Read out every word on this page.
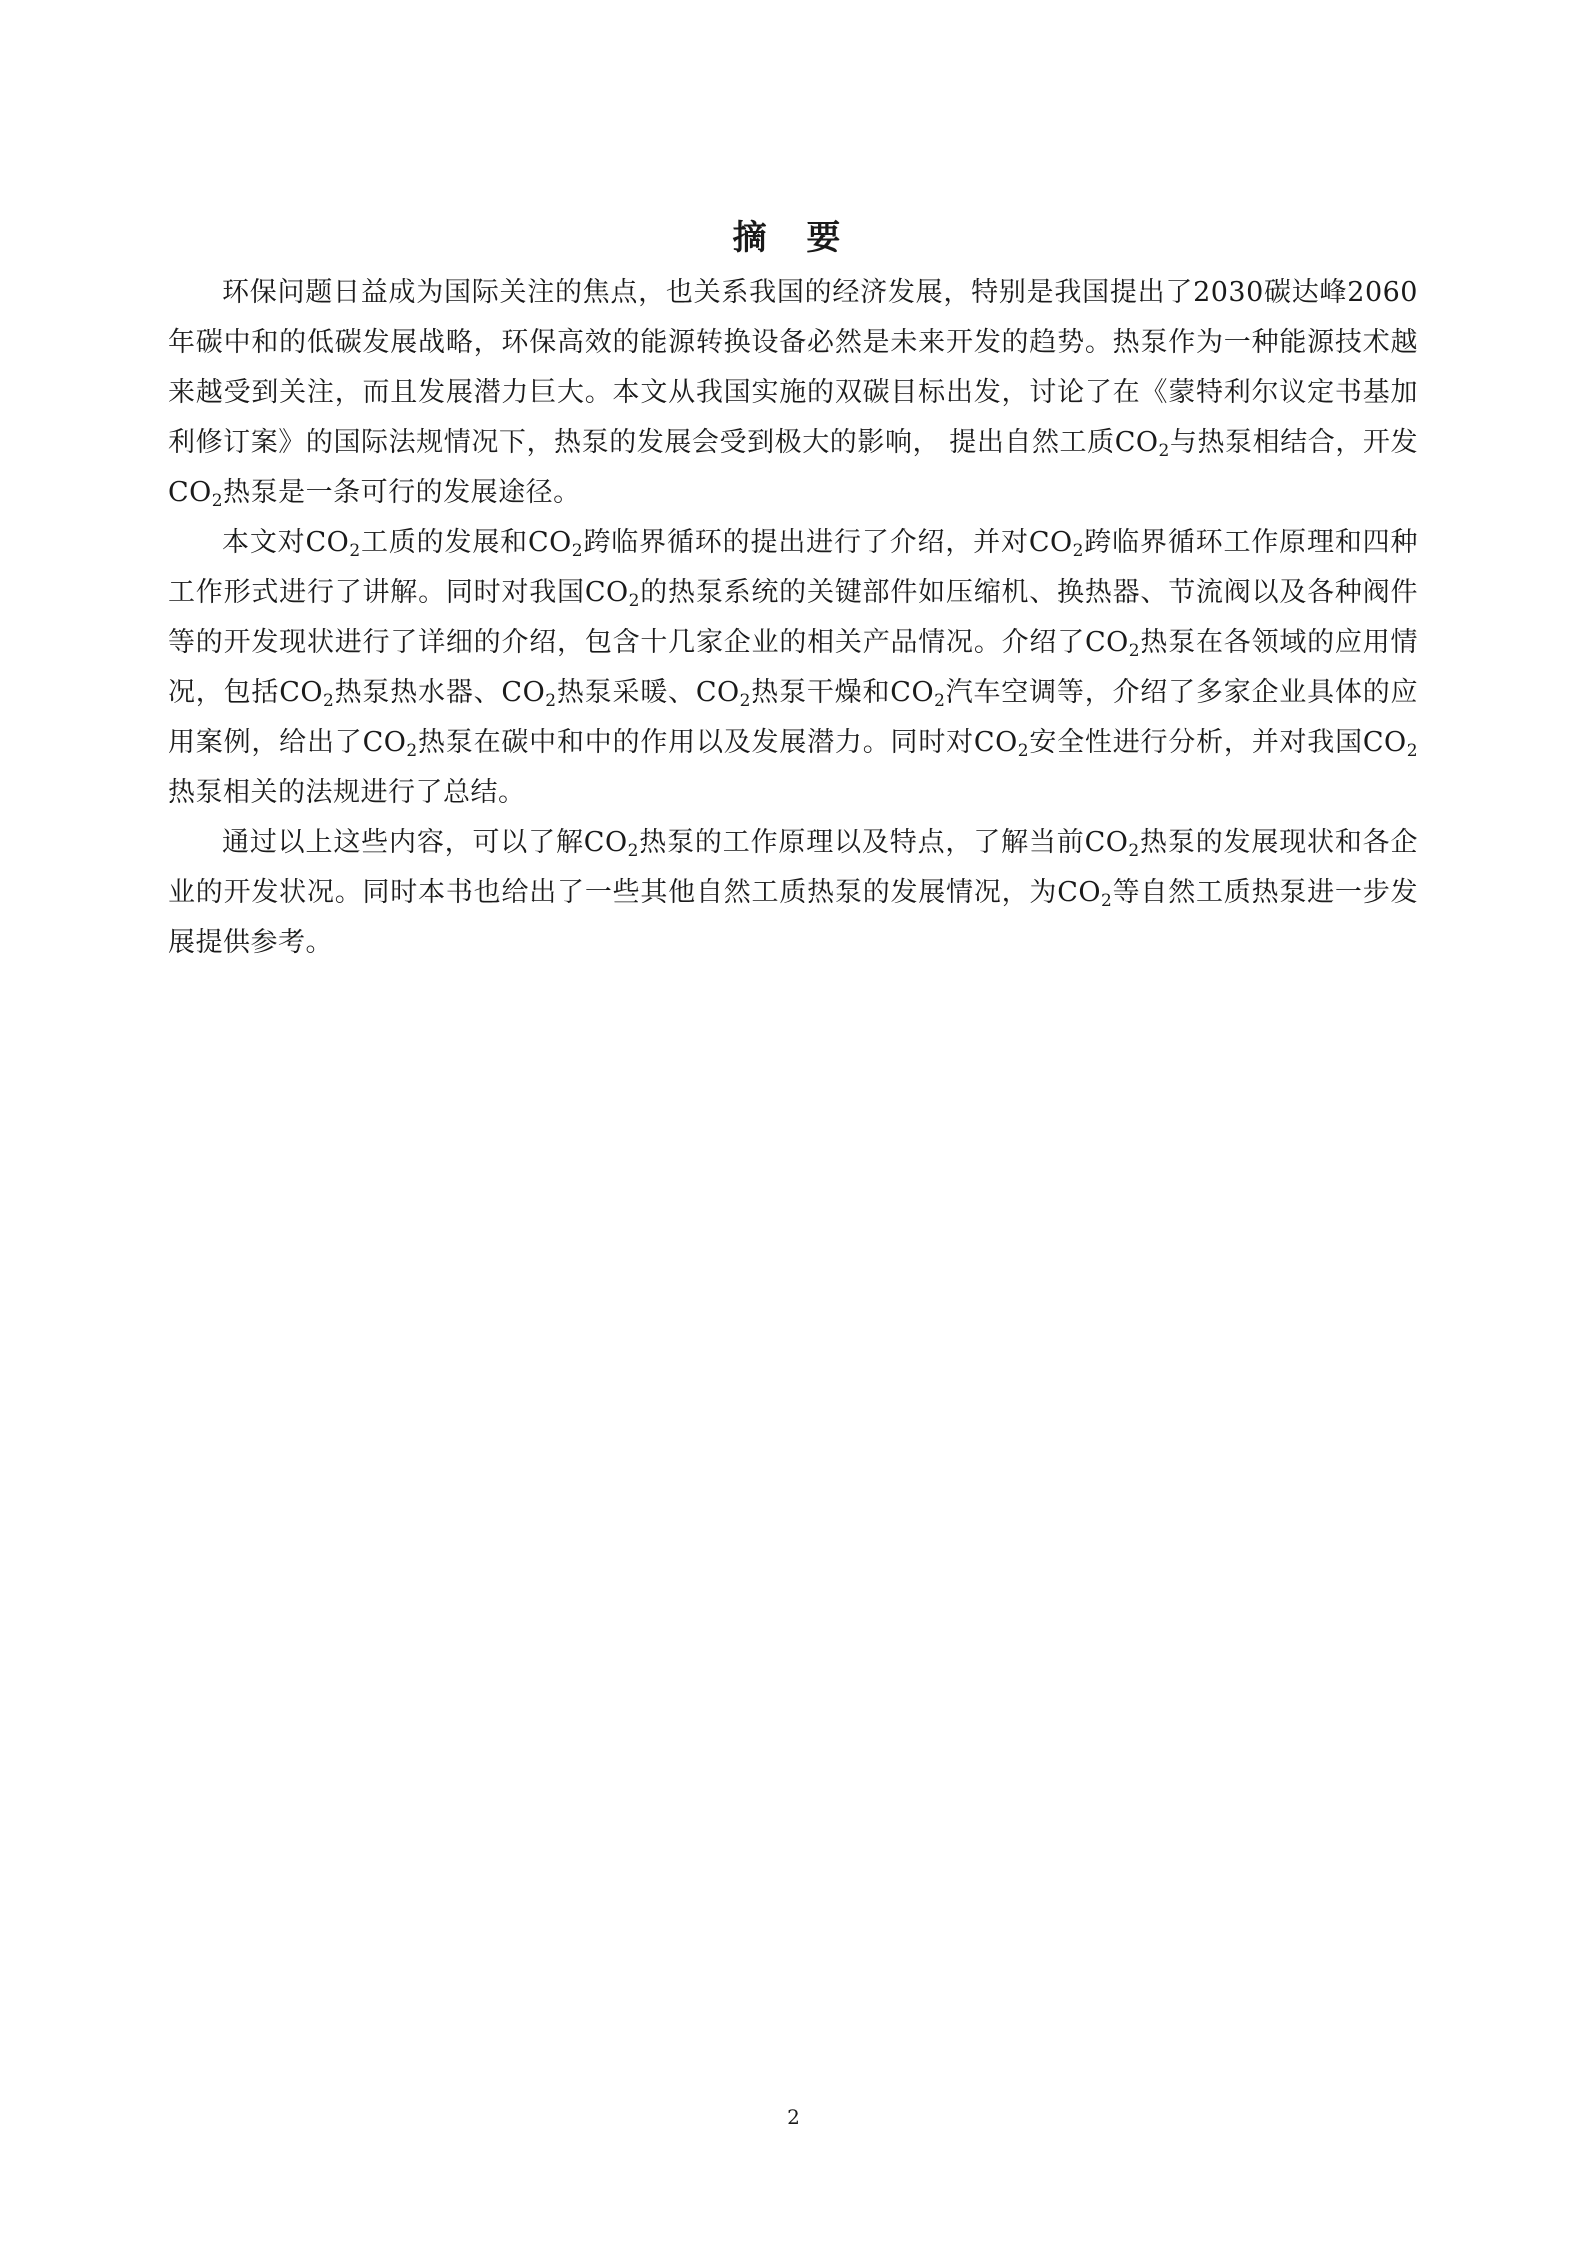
摘 要

环保问题日益成为国际关注的焦点，也关系我国的经济发展，特别是我国提出了2030碳达峰2060年碳中和的低碳发展战略，环保高效的能源转换设备必然是未来开发的趋势。热泵作为一种能源技术越来越受到关注，而且发展潜力巨大。本文从我国实施的双碳目标出发，讨论了在《蒙特利尔议定书基加利修订案》的国际法规情况下，热泵的发展会受到极大的影响， 提出自然工质$CO_2$与热泵相结合，开发$CO_2$热泵是一条可行的发展途径。

本文对$CO_2$工质的发展和$CO_2$跨临界循环的提出进行了介绍，并对$CO_2$跨临界循环工作原理和四种工作形式进行了讲解。同时对我国$CO_2$的热泵系统的关键部件如压缩机、换热器、节流阀以及各种阀件等的开发现状进行了详细的介绍，包含十几家企业的相关产品情况。介绍了$CO_2$热泵在各领域的应用情况，包括$CO_2$热泵热水器、$CO_2$热泵采暖、$CO_2$热泵干燥和$CO_2$汽车空调等，介绍了多家企业具体的应用案例，给出了$CO_2$热泵在碳中和中的作用以及发展潜力。同时对$CO_2$安全性进行分析，并对我国$CO_2$热泵相关的法规进行了总结。

通过以上这些内容，可以了解$CO_2$热泵的工作原理以及特点，了解当前$CO_2$热泵的发展现状和各企业的开发状况。同时本书也给出了一些其他自然工质热泵的发展情况，为$CO_2$等自然工质热泵进一步发展提供参考。

2
